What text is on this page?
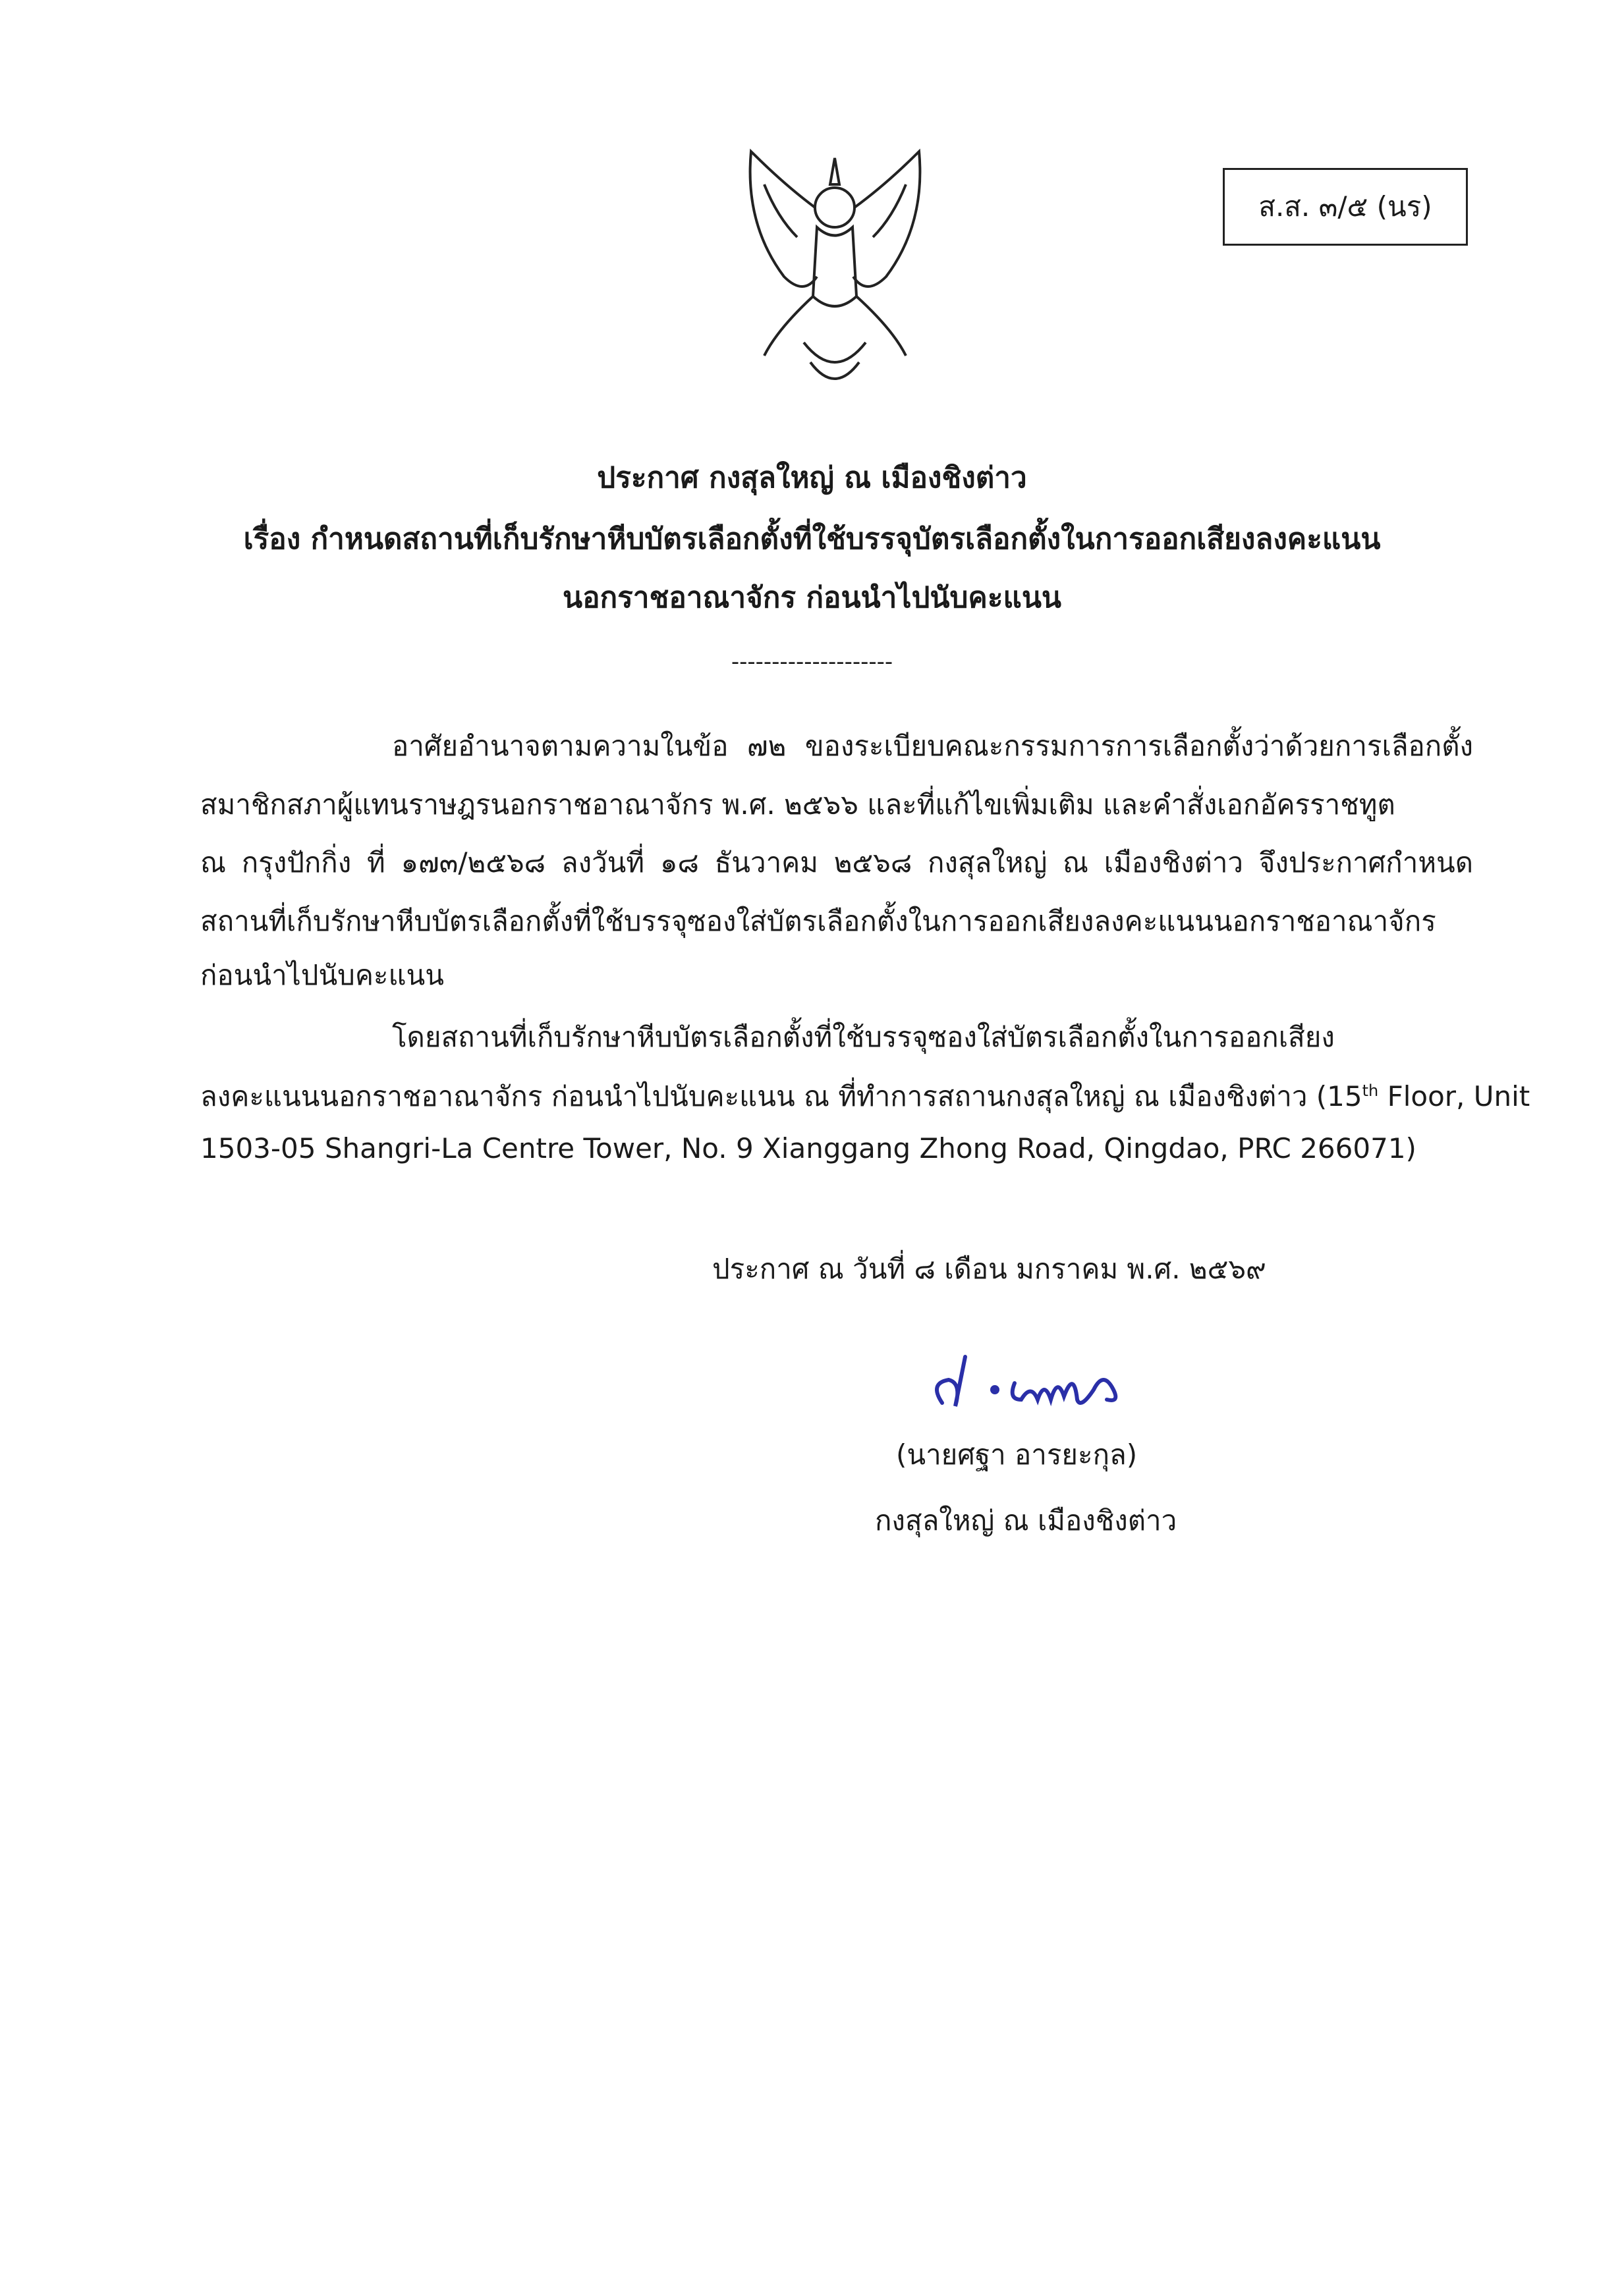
ส.ส. ๓/๕ (นร)
ประกาศ กงสุลใหญ่ ณ เมืองชิงต่าว
เรื่อง กำหนดสถานที่เก็บรักษาหีบบัตรเลือกตั้งที่ใช้บรรจุบัตรเลือกตั้งในการออกเสียงลงคะแนน
นอกราชอาณาจักร ก่อนนำไปนับคะแนน
--------------------
อาศัยอำนาจตามความในข้อ ๗๒ ของระเบียบคณะกรรมการการเลือกตั้งว่าด้วยการเลือกตั้ง
สมาชิกสภาผู้แทนราษฎรนอกราชอาณาจักร พ.ศ. ๒๕๖๖ และที่แก้ไขเพิ่มเติม และคำสั่งเอกอัครราชทูต
ณ กรุงปักกิ่ง ที่ ๑๗๓/๒๕๖๘ ลงวันที่ ๑๘ ธันวาคม ๒๕๖๘ กงสุลใหญ่ ณ เมืองชิงต่าว จึงประกาศกำหนด
สถานที่เก็บรักษาหีบบัตรเลือกตั้งที่ใช้บรรจุซองใส่บัตรเลือกตั้งในการออกเสียงลงคะแนนนอกราชอาณาจักร
ก่อนนำไปนับคะแนน
โดยสถานที่เก็บรักษาหีบบัตรเลือกตั้งที่ใช้บรรจุซองใส่บัตรเลือกตั้งในการออกเสียง
ลงคะแนนนอกราชอาณาจักร ก่อนนำไปนับคะแนน ณ ที่ทำการสถานกงสุลใหญ่ ณ เมืองชิงต่าว (15th Floor, Unit
1503-05 Shangri-La Centre Tower, No. 9 Xianggang Zhong Road, Qingdao, PRC 266071)
ประกาศ ณ วันที่ ๘ เดือน มกราคม พ.ศ. ๒๕๖๙
(นายศฐา อารยะกุล)
กงสุลใหญ่ ณ เมืองชิงต่าว
